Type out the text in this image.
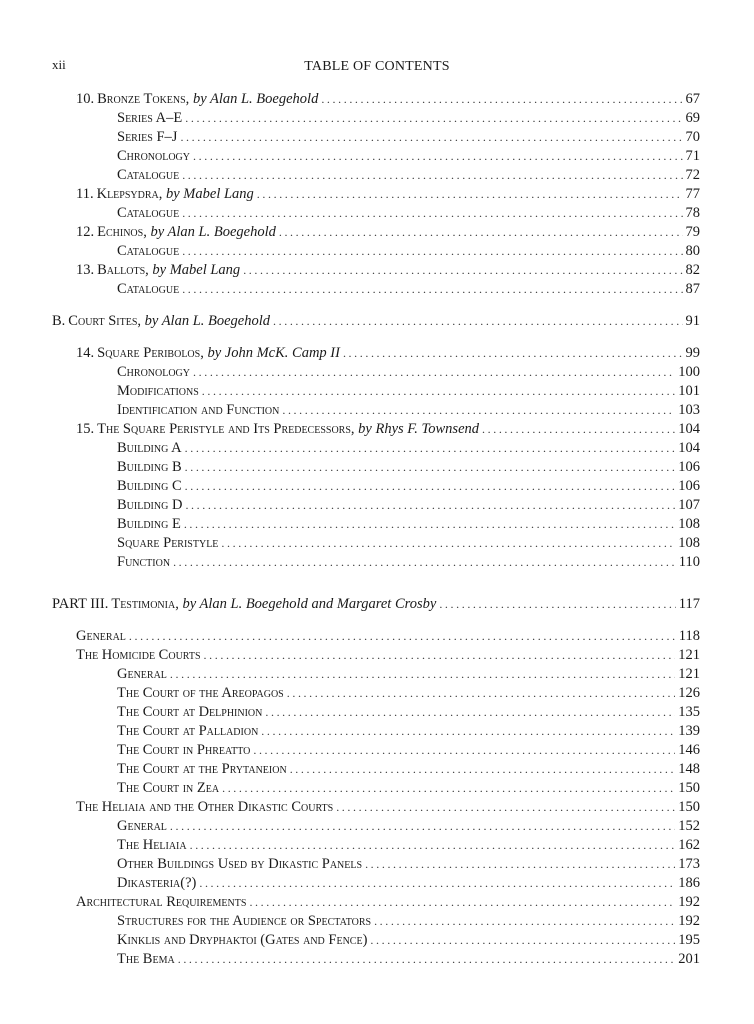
xii	TABLE OF CONTENTS
10. Bronze Tokens, by Alan L. Boegehold .....	67
Series A–E .....	69
Series F–J .....	70
Chronology .....	71
Catalogue .....	72
11. Klepsydra, by Mabel Lang .....	77
Catalogue .....	78
12. Echinos, by Alan L. Boegehold .....	79
Catalogue .....	80
13. Ballots, by Mabel Lang .....	82
Catalogue .....	87
B. Court Sites, by Alan L. Boegehold .....	91
14. Square Peribolos, by John McK. Camp II .....	99
Chronology .....	100
Modifications .....	101
Identification and Function .....	103
15. The Square Peristyle and Its Predecessors, by Rhys F. Townsend .....	104
Building A .....	104
Building B .....	106
Building C .....	106
Building D .....	107
Building E .....	108
Square Peristyle .....	108
Function .....	110
PART III. Testimonia, by Alan L. Boegehold and Margaret Crosby .....	117
General .....	118
The Homicide Courts .....	121
General .....	121
The Court of the Areopagos .....	126
The Court at Delphinion .....	135
The Court at Palladion .....	139
The Court in Phreatto .....	146
The Court at the Prytaneion .....	148
The Court in Zea .....	150
The Heliaia and the Other Dikastic Courts .....	150
General .....	152
The Heliaia .....	162
Other Buildings Used by Dikastic Panels .....	173
Dikasteria(?) .....	186
Architectural Requirements .....	192
Structures for the Audience or Spectators .....	192
Kinklis and Dryphaktoi (Gates and Fence) .....	195
The Bema .....	201
